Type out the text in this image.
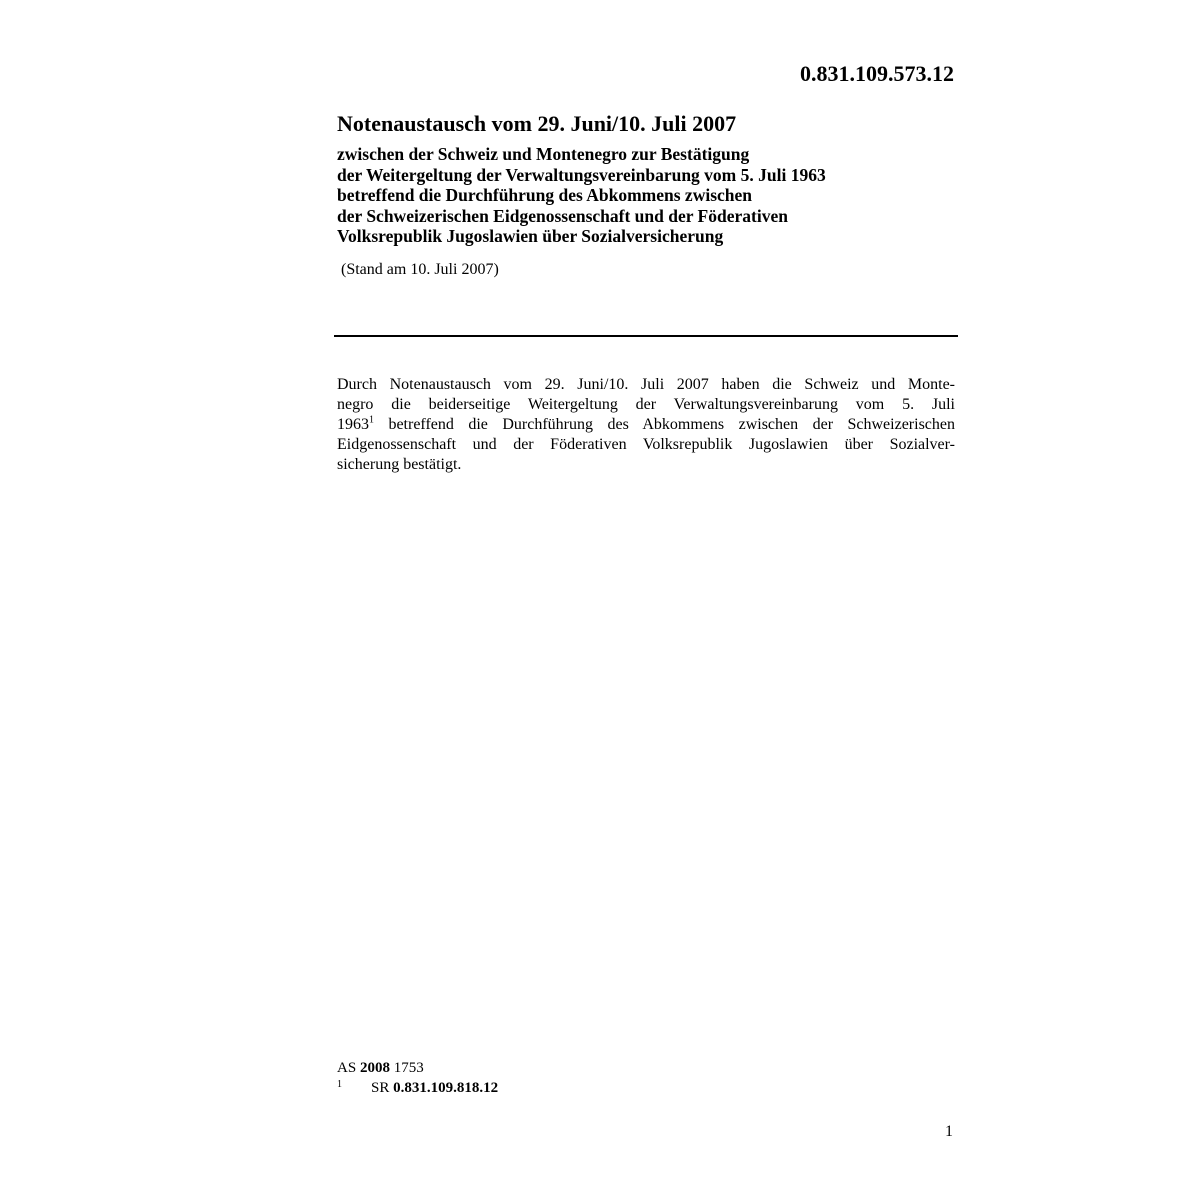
0.831.109.573.12
Notenaustausch vom 29. Juni/10. Juli 2007
zwischen der Schweiz und Montenegro zur Bestätigung
der Weitergeltung der Verwaltungsvereinbarung vom 5. Juli 1963
betreffend die Durchführung des Abkommens zwischen
der Schweizerischen Eidgenossenschaft und der Föderativen
Volksrepublik Jugoslawien über Sozialversicherung
(Stand am 10. Juli 2007)
Durch Notenaustausch vom 29. Juni/10. Juli 2007 haben die Schweiz und Monte-
negro die beiderseitige Weitergeltung der Verwaltungsvereinbarung vom 5. Juli
1963$^1$ betreffend die Durchführung des Abkommens zwischen der Schweizerischen
Eidgenossenschaft und der Föderativen Volksrepublik Jugoslawien über Sozialver-
sicherung bestätigt.
AS 2008 1753
1 SR 0.831.109.818.12
1
